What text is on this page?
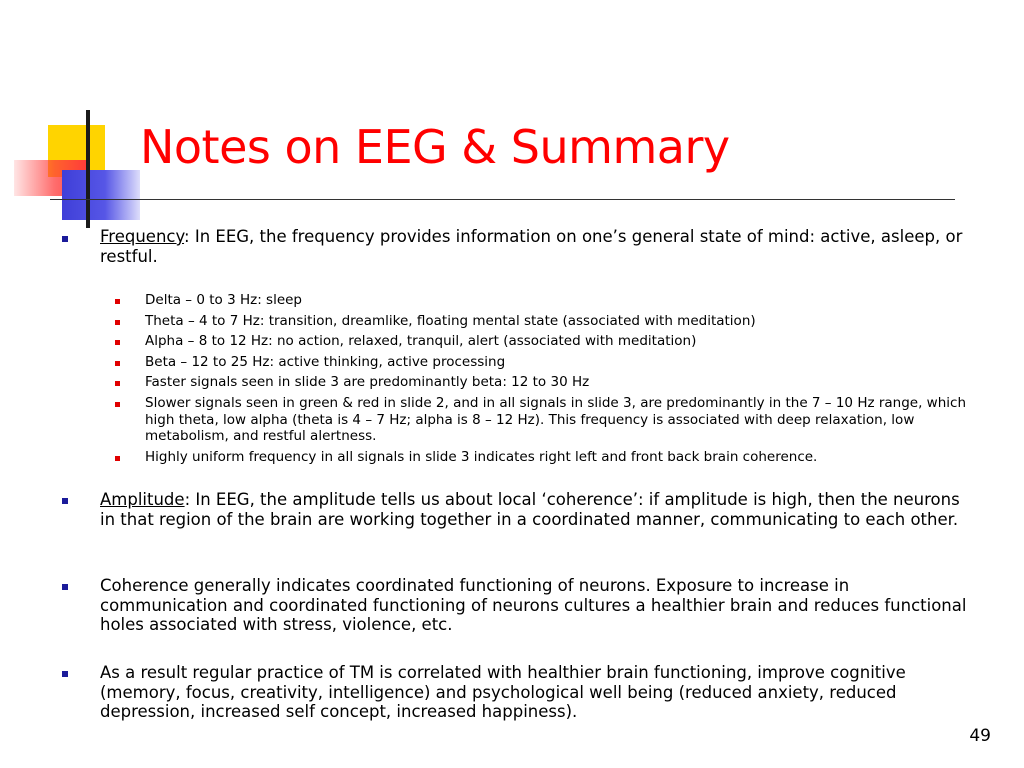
Notes on EEG & Summary
Frequency: In EEG, the frequency provides information on one’s general state of mind: active, asleep, or restful.
Delta – 0 to 3 Hz: sleep
Theta – 4 to 7 Hz: transition, dreamlike, floating mental state (associated with meditation)
Alpha – 8 to 12 Hz: no action, relaxed, tranquil, alert (associated with meditation)
Beta – 12 to 25 Hz: active thinking, active processing
Faster signals seen in slide 3 are predominantly beta: 12 to 30 Hz
Slower signals seen in green & red in slide 2, and in all signals in slide 3, are predominantly in the 7 – 10 Hz range, which high theta, low alpha (theta is 4 – 7 Hz; alpha is 8 – 12 Hz). This frequency is associated with deep relaxation, low metabolism, and restful alertness.
Highly uniform frequency in all signals in slide 3 indicates right left and front back brain coherence.
Amplitude: In EEG, the amplitude tells us about local ‘coherence’: if amplitude is high, then the neurons in that region of the brain are working together in a coordinated manner, communicating to each other.
Coherence generally indicates coordinated functioning of neurons. Exposure to increase in communication and coordinated functioning of neurons cultures a healthier brain and reduces functional holes associated with stress, violence, etc.
As a result regular practice of TM is correlated with healthier brain functioning, improve cognitive (memory, focus, creativity, intelligence) and psychological well being (reduced anxiety, reduced depression, increased self concept, increased happiness).
49
